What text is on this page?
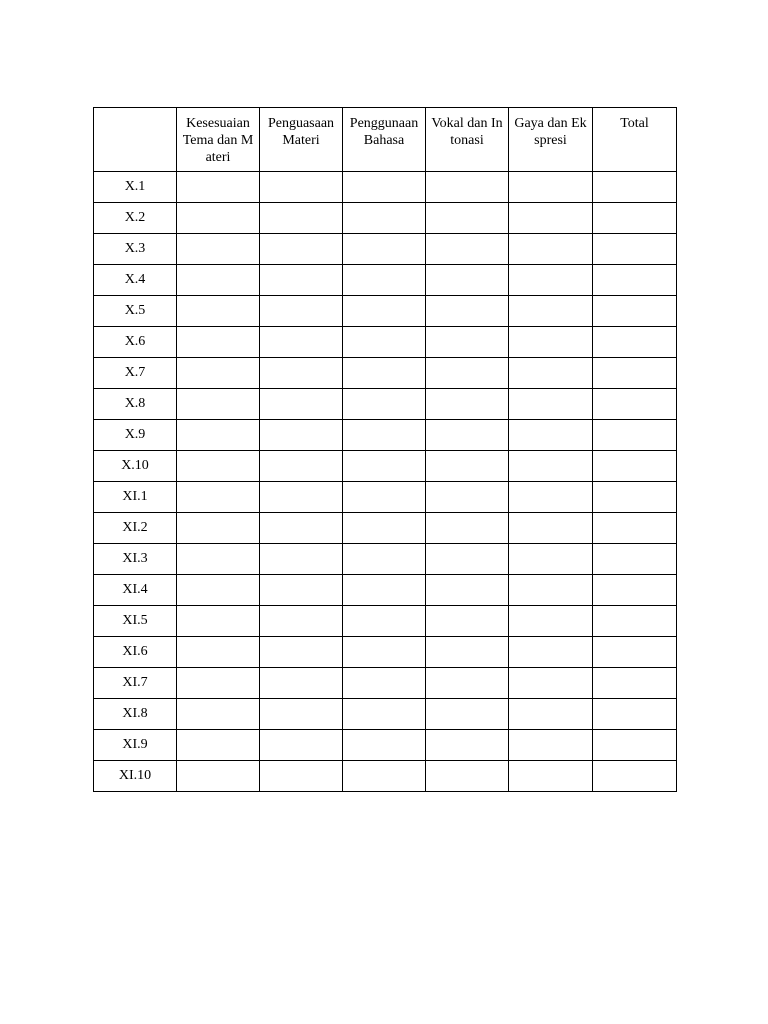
	Kesesuaian Tema dan Materi	Penguasaan Materi	Penggunaan Bahasa	Vokal dan Intonasi	Gaya dan Ekspresi	Total
X.1						
X.2						
X.3						
X.4						
X.5						
X.6						
X.7						
X.8						
X.9						
X.10						
XI.1						
XI.2						
XI.3						
XI.4						
XI.5						
XI.6						
XI.7						
XI.8						
XI.9						
XI.10						
